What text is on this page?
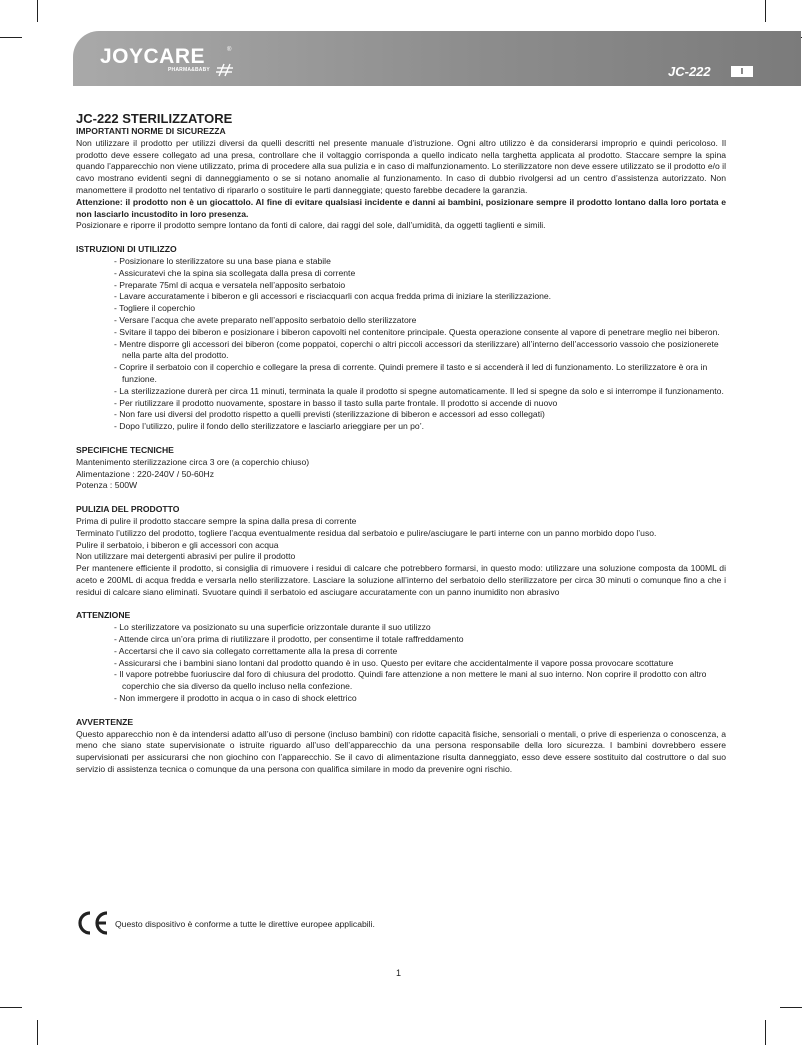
JOYCARE	®
PHARMA&BABY	JC-222	I
JC-222 STERILIZZATORE

IMPORTANTI NORME DI SICUREZZA

Non utilizzare il prodotto per utilizzi diversi da quelli descritti nel presente manuale d’istruzione. Ogni altro utilizzo è da considerarsi improprio e quindi pericoloso. Il prodotto deve essere collegato ad una presa, controllare che il voltaggio corrisponda a quello indicato nella targhetta applicata al prodotto. Staccare sempre la spina quando l’apparecchio non viene utilizzato, prima di procedere alla sua pulizia e in caso di malfunzionamento. Lo sterilizzatore non deve essere utilizzato se il prodotto e/o il cavo mostrano evidenti segni di danneggiamento o se si notano anomalie al funzionamento. In caso di dubbio rivolgersi ad un centro d’assistenza autorizzato. Non manomettere il prodotto nel tentativo di ripararlo o sostituire le parti danneggiate; questo farebbe decadere la garanzia.

Attenzione: il prodotto non è un giocattolo. Al fine di evitare qualsiasi incidente e danni ai bambini, posizionare sempre il prodotto lontano dalla loro portata e non lasciarlo incustodito in loro presenza.

Posizionare e riporre il prodotto sempre lontano da fonti di calore, dai raggi del sole, dall’umidità, da oggetti taglienti e simili.

ISTRUZIONI DI UTILIZZO

- Posizionare lo sterilizzatore su una base piana e stabile
- Assicuratevi che la spina sia scollegata dalla presa di corrente
- Preparate 75ml di acqua e versatela nell’apposito serbatoio
- Lavare accuratamente i biberon e gli accessori e risciacquarli con acqua fredda prima di iniziare la sterilizzazione.
- Togliere il coperchio
- Versare l’acqua che avete preparato nell’apposito serbatoio dello sterilizzatore
- Svitare il tappo dei biberon e posizionare i biberon capovolti nel contenitore principale. Questa operazione consente al vapore di penetrare meglio nei biberon.
- Mentre disporre gli accessori dei biberon (come poppatoi, coperchi o altri piccoli accessori da sterilizzare) all’interno dell’accessorio vassoio che posizionerete nella parte alta del prodotto.
- Coprire il serbatoio con il coperchio e collegare la presa di corrente. Quindi premere il tasto e si accenderà il led di funzionamento. Lo sterilizzatore è ora in funzione.
- La sterilizzazione durerà per circa 11 minuti, terminata la quale il prodotto si spegne automaticamente. Il led si spegne da solo e si interrompe il funzionamento.
- Per riutilizzare il prodotto nuovamente, spostare in basso il tasto sulla parte frontale. Il prodotto si accende di nuovo
- Non fare usi diversi del prodotto rispetto a quelli previsti (sterilizzazione di biberon e accessori ad esso collegati)
- Dopo l’utilizzo, pulire il fondo dello sterilizzatore e lasciarlo arieggiare per un po’.

SPECIFICHE TECNICHE

Mantenimento sterilizzazione circa 3 ore (a coperchio chiuso)

Alimentazione : 220-240V / 50-60Hz

Potenza : 500W

PULIZIA DEL PRODOTTO

Prima di pulire il prodotto staccare sempre la spina dalla presa di corrente

Terminato l’utilizzo del prodotto, togliere l’acqua eventualmente residua dal serbatoio e pulire/asciugare le parti interne con un panno morbido dopo l’uso.

Pulire il serbatoio, i biberon e gli accessori con acqua

Non utilizzare mai detergenti abrasivi per pulire il prodotto

Per mantenere efficiente il prodotto, si consiglia di rimuovere i residui di calcare che potrebbero formarsi, in questo modo: utilizzare una soluzione composta da 100ML di aceto e 200ML di acqua fredda e versarla nello sterilizzatore. Lasciare la soluzione all’interno del serbatoio dello sterilizzatore per circa 30 minuti o comunque fino a che i residui di calcare siano eliminati. Svuotare quindi il serbatoio ed asciugare accuratamente con un panno inumidito non abrasivo

ATTENZIONE

- Lo sterilizzatore va posizionato su una superficie orizzontale durante il suo utilizzo
- Attende circa un’ora prima di riutilizzare il prodotto, per consentirne il totale raffreddamento
- Accertarsi che il cavo sia collegato correttamente alla la presa di corrente
- Assicurarsi che i bambini siano lontani dal prodotto quando è in uso. Questo per evitare che accidentalmente il vapore possa provocare scottature
- Il vapore potrebbe fuoriuscire dal foro di chiusura del prodotto. Quindi fare attenzione a non mettere le mani al suo interno. Non coprire il prodotto con altro coperchio che sia diverso da quello incluso nella confezione.
- Non immergere il prodotto in acqua o in caso di shock elettrico

AVVERTENZE

Questo apparecchio non è da intendersi adatto all’uso di persone (incluso bambini) con ridotte capacità fisiche, sensoriali o mentali, o prive di esperienza o conoscenza, a meno che siano state supervisionate o istruite riguardo all’uso dell’apparecchio da una persona responsabile della loro sicurezza. I bambini dovrebbero essere supervisionati per assicurarsi che non giochino con l’apparecchio. Se il cavo di alimentazione risulta danneggiato, esso deve essere sostituito dal costruttore o dal suo servizio di assistenza tecnica o comunque da una persona con qualifica similare in modo da prevenire ogni rischio.

Questo dispositivo è conforme a tutte le direttive europee applicabili.
1
